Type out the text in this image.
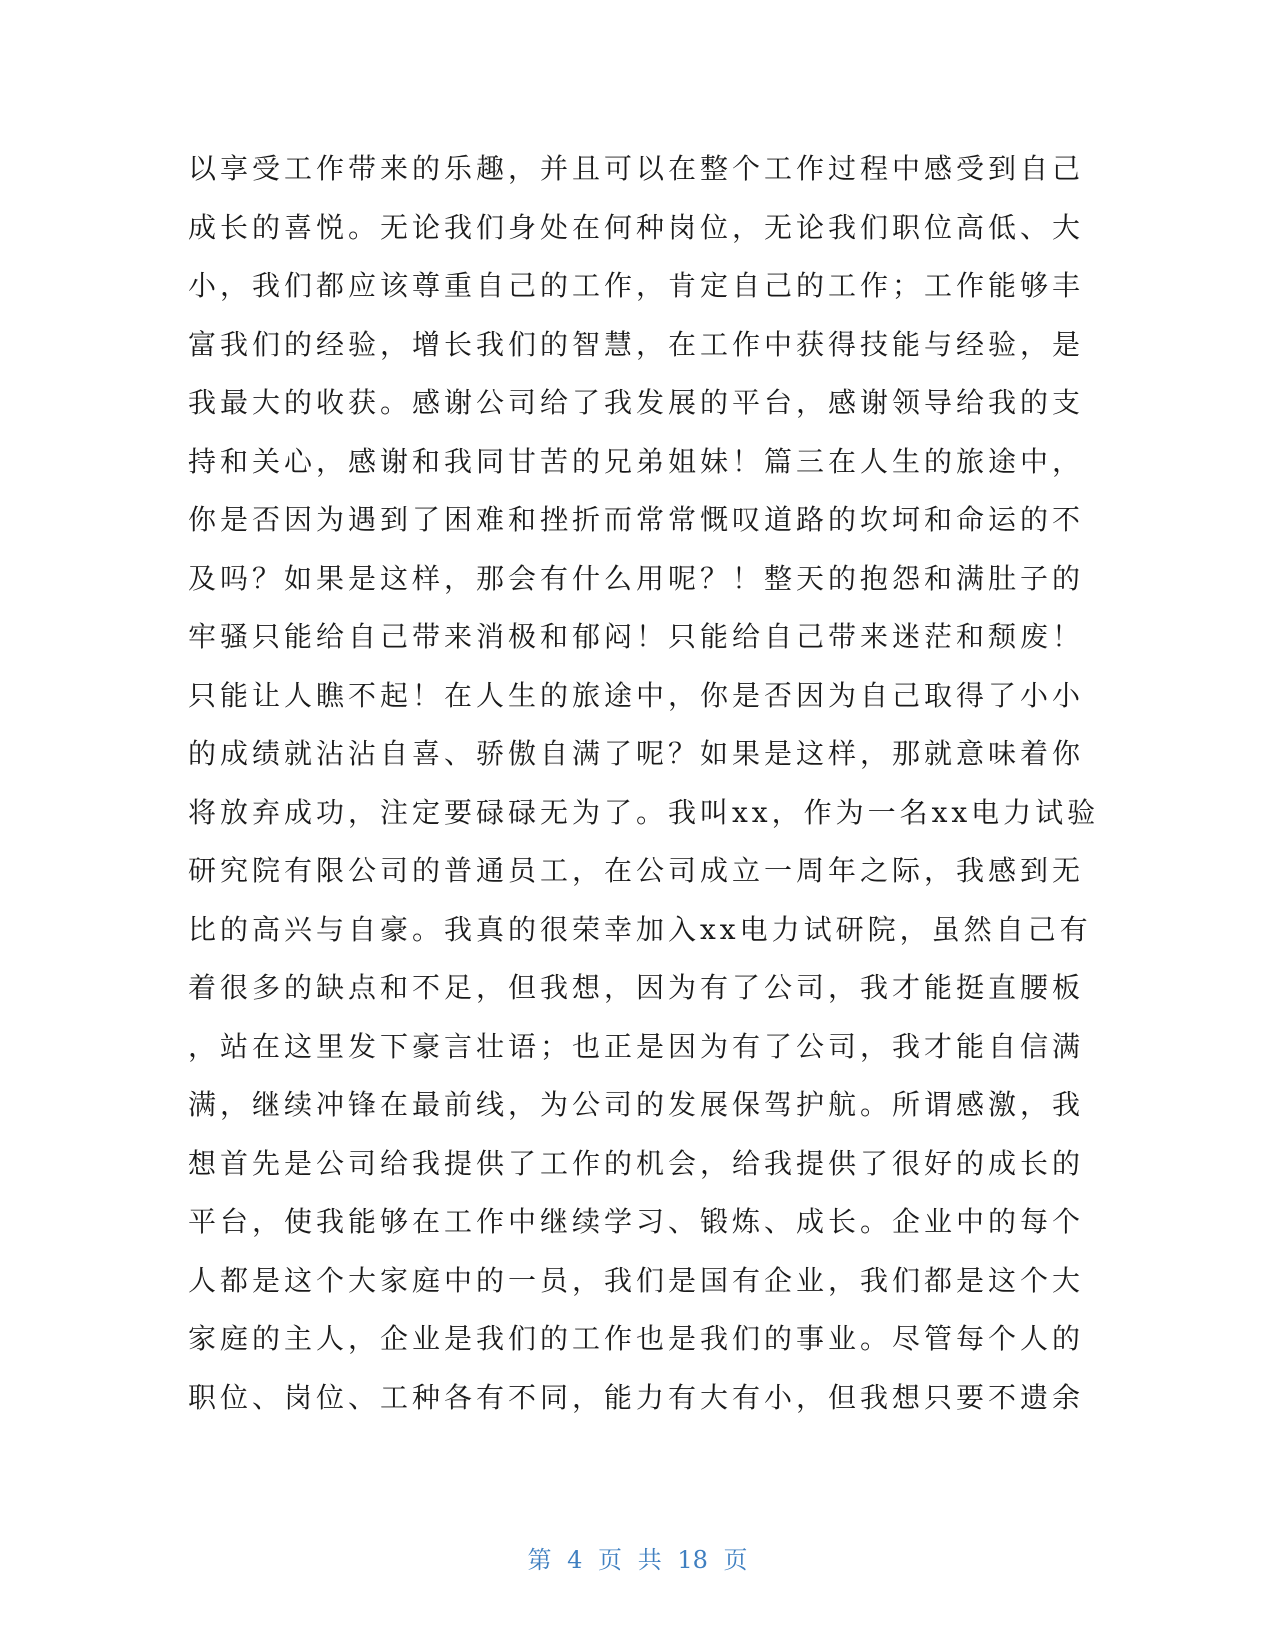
以享受工作带来的乐趣，并且可以在整个工作过程中感受到自己
成长的喜悦。无论我们身处在何种岗位，无论我们职位高低、大
小，我们都应该尊重自己的工作，肯定自己的工作；工作能够丰
富我们的经验，增长我们的智慧，在工作中获得技能与经验，是
我最大的收获。感谢公司给了我发展的平台，感谢领导给我的支
持和关心，感谢和我同甘苦的兄弟姐妹！篇三在人生的旅途中，
你是否因为遇到了困难和挫折而常常慨叹道路的坎坷和命运的不
及吗？如果是这样，那会有什么用呢？！整天的抱怨和满肚子的
牢骚只能给自己带来消极和郁闷！只能给自己带来迷茫和颓废！
只能让人瞧不起！在人生的旅途中，你是否因为自己取得了小小
的成绩就沾沾自喜、骄傲自满了呢？如果是这样，那就意味着你
将放弃成功，注定要碌碌无为了。我叫xx，作为一名xx电力试验
研究院有限公司的普通员工，在公司成立一周年之际，我感到无
比的高兴与自豪。我真的很荣幸加入xx电力试研院，虽然自己有
着很多的缺点和不足，但我想，因为有了公司，我才能挺直腰板
，站在这里发下豪言壮语；也正是因为有了公司，我才能自信满
满，继续冲锋在最前线，为公司的发展保驾护航。所谓感激，我
想首先是公司给我提供了工作的机会，给我提供了很好的成长的
平台，使我能够在工作中继续学习、锻炼、成长。企业中的每个
人都是这个大家庭中的一员，我们是国有企业，我们都是这个大
家庭的主人，企业是我们的工作也是我们的事业。尽管每个人的
职位、岗位、工种各有不同，能力有大有小，但我想只要不遗余
第 4 页 共 18 页
